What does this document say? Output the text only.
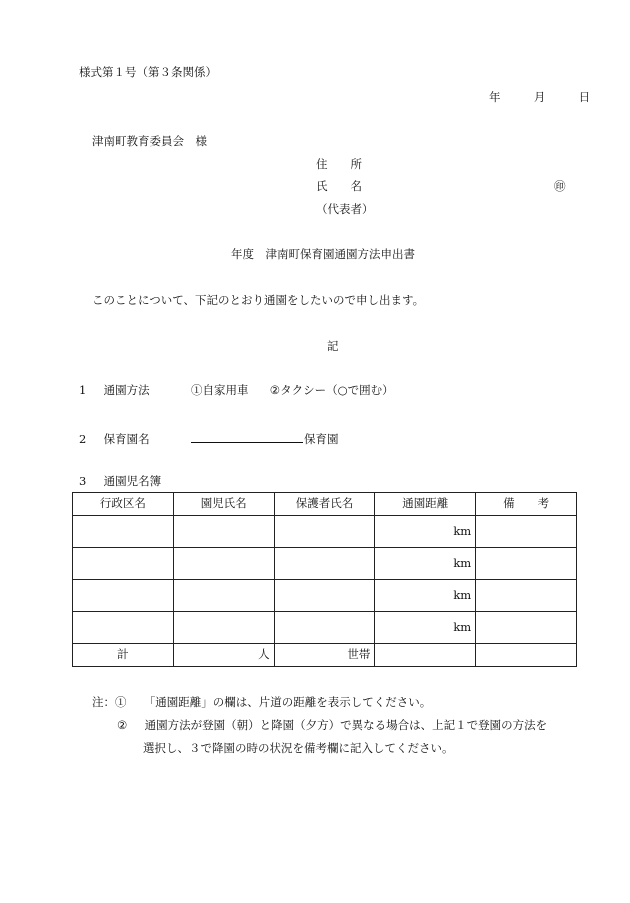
様式第１号（第３条関係）
年	月	日
津南町教育委員会　様
住　　所
氏　　名	㊞
（代表者）
年度　津南町保育園通園方法申出書
このことについて、下記のとおり通園をしたいので申し出ます。
記
1 通園方法	①自家用車 ②タクシー（○で囲む）
2 保育園名	保育園
3 通園児名簿
行政区名	園児氏名	保護者氏名	通園距離	備　　考
			km	
			km	
			km	
			km	
計	人	世帯		
注：① 「通園距離」の欄は、片道の距離を表示してください。
② 通園方法が登園（朝）と降園（夕方）で異なる場合は、上記１で登園の方法を
選択し、３で降園の時の状況を備考欄に記入してください。
